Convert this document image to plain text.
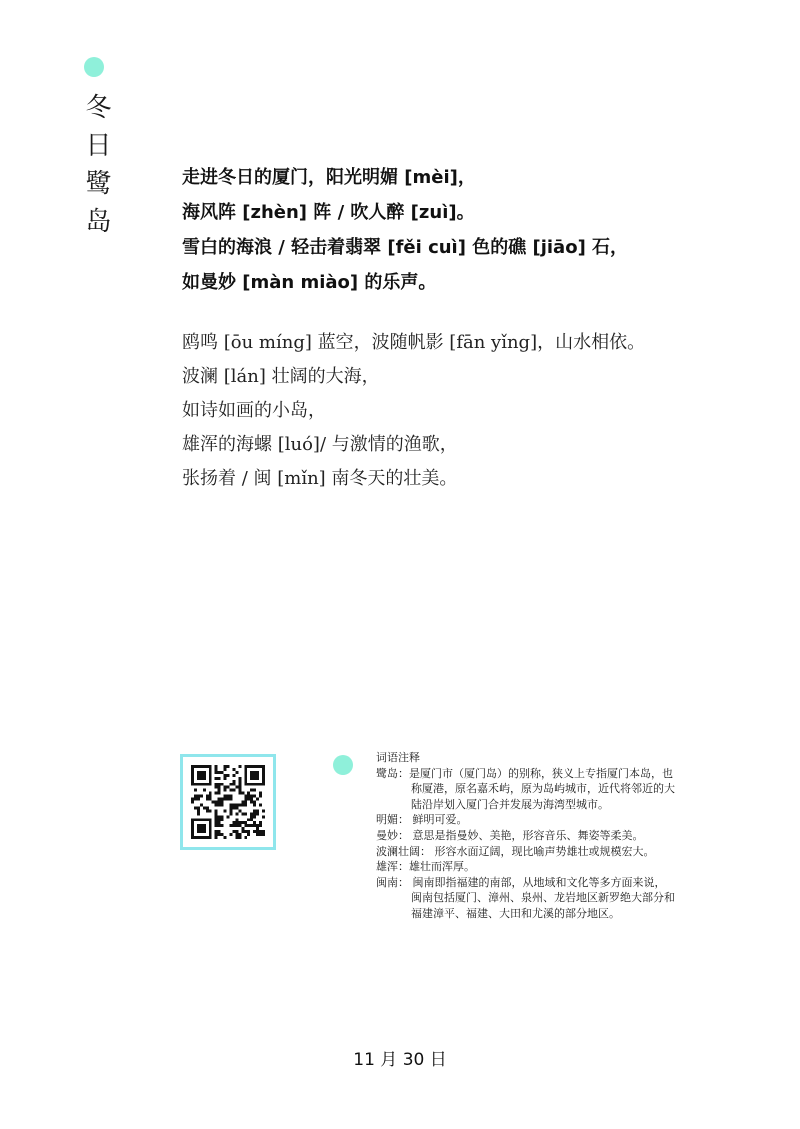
冬日鹭岛	走进冬日的厦门，阳光明媚 [mèi]，
海风阵 [zhèn] 阵 / 吹人醉 [zuì]。
雪白的海浪 / 轻击着翡翠 [fěi cuì] 色的礁 [jiāo] 石，
如曼妙 [màn miào] 的乐声。
鸥鸣 [ōu míng] 蓝空，波随帆影 [fān yǐng]，山水相依。
波澜 [lán] 壮阔的大海，
如诗如画的小岛，
雄浑的海螺 [luó]/ 与激情的渔歌，
张扬着 / 闽 [mǐn] 南冬天的壮美。
词语注释
鹭岛：是厦门市（厦门岛）的别称，狭义上专指厦门本岛，也称厦港，原名嘉禾屿，原为岛屿城市，近代将邻近的大陆沿岸划入厦门合并发展为海湾型城市。
明媚： 鲜明可爱。
曼妙： 意思是指曼妙、美艳，形容音乐、舞姿等柔美。
波澜壮阔： 形容水面辽阔，现比喻声势雄壮或规模宏大。
雄浑：雄壮而浑厚。
闽南： 闽南即指福建的南部，从地域和文化等多方面来说，闽南包括厦门、漳州、泉州、龙岩地区新罗绝大部分和福建漳平、福建、大田和尤溪的部分地区。
11 月 30 日
